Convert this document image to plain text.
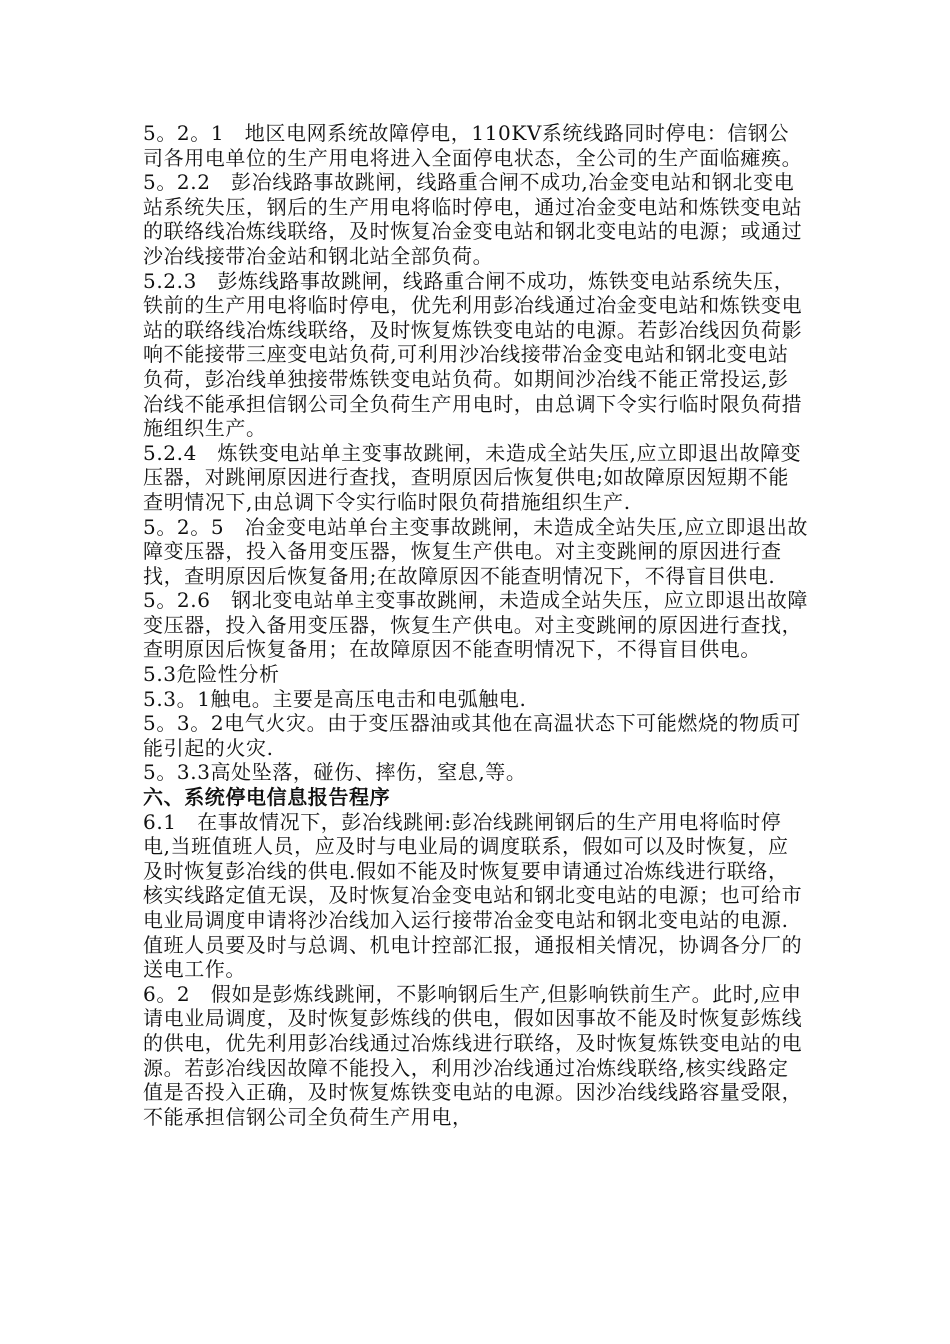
5。2。1　地区电网系统故障停电，110KV系统线路同时停电：信钢公司各用电单位的生产用电将进入全面停电状态，全公司的生产面临瘫痪。

5。2.2　彭冶线路事故跳闸，线路重合闸不成功,冶金变电站和钢北变电站系统失压，钢后的生产用电将临时停电，通过冶金变电站和炼铁变电站的联络线冶炼线联络，及时恢复冶金变电站和钢北变电站的电源；或通过沙冶线接带冶金站和钢北站全部负荷。

5.2.3　彭炼线路事故跳闸，线路重合闸不成功，炼铁变电站系统失压，铁前的生产用电将临时停电，优先利用彭冶线通过冶金变电站和炼铁变电站的联络线冶炼线联络，及时恢复炼铁变电站的电源。若彭冶线因负荷影响不能接带三座变电站负荷,可利用沙冶线接带冶金变电站和钢北变电站负荷，彭冶线单独接带炼铁变电站负荷。如期间沙冶线不能正常投运,彭冶线不能承担信钢公司全负荷生产用电时，由总调下令实行临时限负荷措施组织生产。

5.2.4　炼铁变电站单主变事故跳闸，未造成全站失压,应立即退出故障变压器，对跳闸原因进行查找，查明原因后恢复供电;如故障原因短期不能查明情况下,由总调下令实行临时限负荷措施组织生产.

5。2。5　冶金变电站单台主变事故跳闸，未造成全站失压,应立即退出故障变压器，投入备用变压器，恢复生产供电。对主变跳闸的原因进行查找，查明原因后恢复备用;在故障原因不能查明情况下，不得盲目供电.

5。2.6　钢北变电站单主变事故跳闸，未造成全站失压，应立即退出故障变压器，投入备用变压器，恢复生产供电。对主变跳闸的原因进行查找，查明原因后恢复备用；在故障原因不能查明情况下，不得盲目供电。

5.3危险性分析

5.3。1触电。主要是高压电击和电弧触电.

5。3。2电气火灾。由于变压器油或其他在高温状态下可能燃烧的物质可能引起的火灾.

5。3.3高处坠落，碰伤、摔伤，窒息,等。

六、系统停电信息报告程序

6.1　在事故情况下，彭冶线跳闸:彭冶线跳闸钢后的生产用电将临时停电,当班值班人员，应及时与电业局的调度联系，假如可以及时恢复，应及时恢复彭冶线的供电.假如不能及时恢复要申请通过冶炼线进行联络，核实线路定值无误，及时恢复冶金变电站和钢北变电站的电源；也可给市电业局调度申请将沙冶线加入运行接带冶金变电站和钢北变电站的电源.值班人员要及时与总调、机电计控部汇报，通报相关情况，协调各分厂的送电工作。

6。2　假如是彭炼线跳闸，不影响钢后生产,但影响铁前生产。此时,应申请电业局调度，及时恢复彭炼线的供电，假如因事故不能及时恢复彭炼线的供电，优先利用彭冶线通过冶炼线进行联络，及时恢复炼铁变电站的电源。若彭冶线因故障不能投入，利用沙冶线通过冶炼线联络,核实线路定值是否投入正确，及时恢复炼铁变电站的电源。因沙冶线线路容量受限，不能承担信钢公司全负荷生产用电，
